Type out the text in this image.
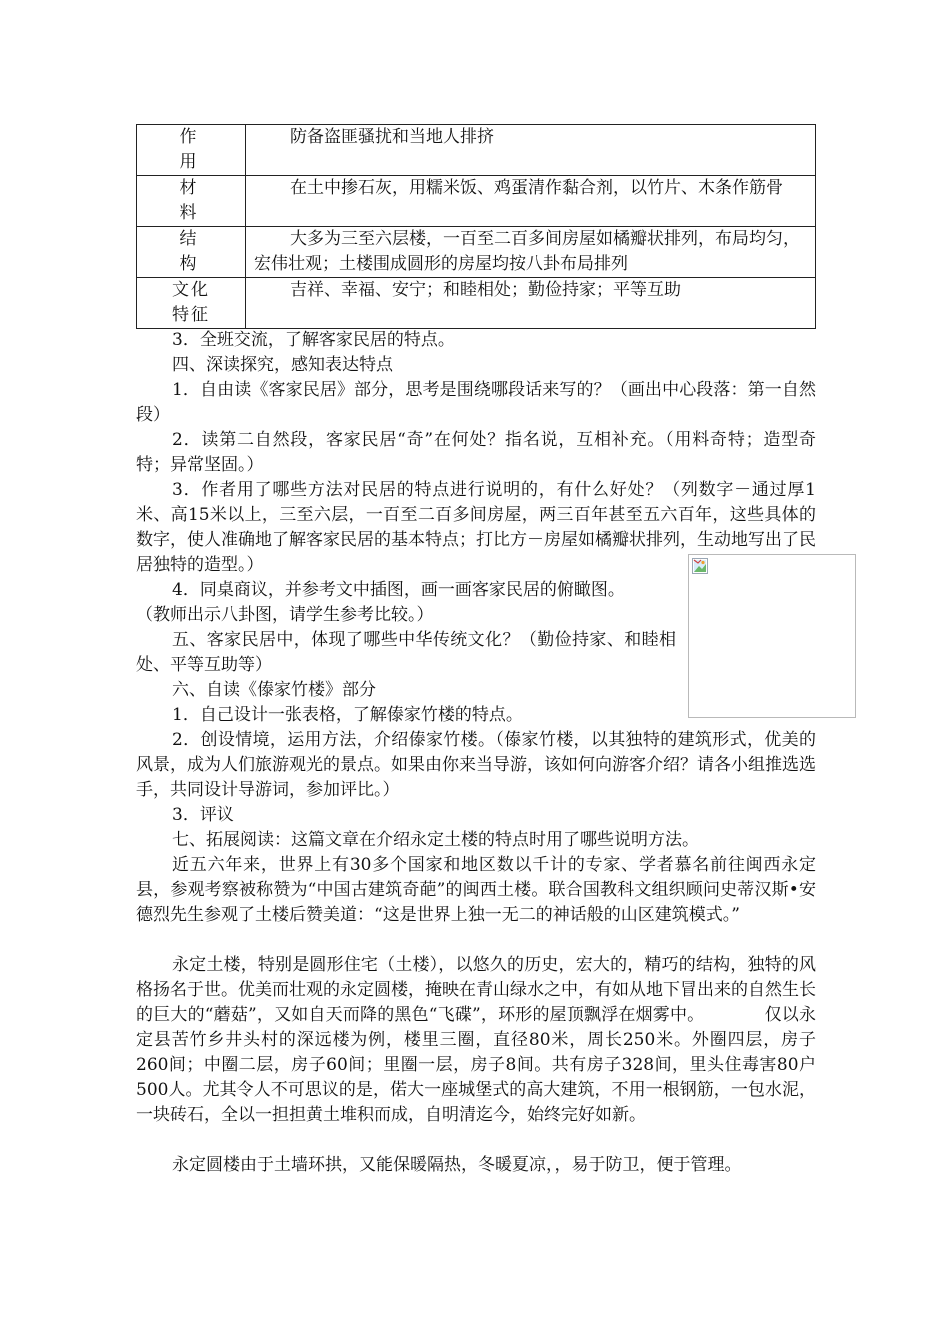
作
用	防备盗匪骚扰和当地人排挤

材
料	在土中掺石灰，用糯米饭、鸡蛋清作黏合剂，以竹片、木条作筋骨

结
构	大多为三至六层楼，一百至二百多间房屋如橘瓣状排列，布局均匀，宏伟壮观；土楼围成圆形的房屋均按八卦布局排列

文化
特征	吉祥、幸福、安宁；和睦相处；勤俭持家；平等互助

3．全班交流，了解客家民居的特点。

四、深读探究，感知表达特点

1．自由读《客家民居》部分，思考是围绕哪段话来写的？（画出中心段落：第一自然段）

2．读第二自然段，客家民居“奇”在何处？指名说，互相补充。（用料奇特；造型奇特；异常坚固。）

3．作者用了哪些方法对民居的特点进行说明的，有什么好处？（列数字－通过厚1米、高15米以上，三至六层，一百至二百多间房屋，两三百年甚至五六百年，这些具体的数字，使人准确地了解客家民居的基本特点；打比方－房屋如橘瓣状排列，生动地写出了民居独特的造型。）

4．同桌商议，并参考文中插图，画一画客家民居的俯瞰图。

（教师出示八卦图，请学生参考比较。）

五、客家民居中，体现了哪些中华传统文化？（勤俭持家、和睦相处、平等互助等）

六、自读《傣家竹楼》部分

1．自己设计一张表格，了解傣家竹楼的特点。

2．创设情境，运用方法，介绍傣家竹楼。（傣家竹楼，以其独特的建筑形式，优美的风景，成为人们旅游观光的景点。如果由你来当导游，该如何向游客介绍？请各小组推选选手，共同设计导游词，参加评比。）

3．评议

七、拓展阅读：这篇文章在介绍永定土楼的特点时用了哪些说明方法。

近五六年来，世界上有30多个国家和地区数以千计的专家、学者慕名前往闽西永定县，参观考察被称赞为“中国古建筑奇葩”的闽西土楼。联合国教科文组织顾问史蒂汉斯•安德烈先生参观了土楼后赞美道：“这是世界上独一无二的神话般的山区建筑模式。”

永定土楼，特别是圆形住宅（土楼），以悠久的历史，宏大的，精巧的结构，独特的风格扬名于世。优美而壮观的永定圆楼，掩映在青山绿水之中，有如从地下冒出来的自然生长的巨大的“蘑菇”，又如自天而降的黑色“飞碟”，环形的屋顶飘浮在烟雾中。　　　　仅以永定县苦竹乡井头村的深远楼为例，楼里三圈，直径80米，周长250米。外圈四层，房子260间；中圈二层，房子60间；里圈一层，房子8间。共有房子328间，里头住毒害80户500人。尤其令人不可思议的是，偌大一座城堡式的高大建筑，不用一根钢筋，一包水泥，一块砖石，全以一担担黄土堆积而成，自明清迄今，始终完好如新。

永定圆楼由于土墙环拱，又能保暖隔热，冬暖夏凉，，易于防卫，便于管理。
